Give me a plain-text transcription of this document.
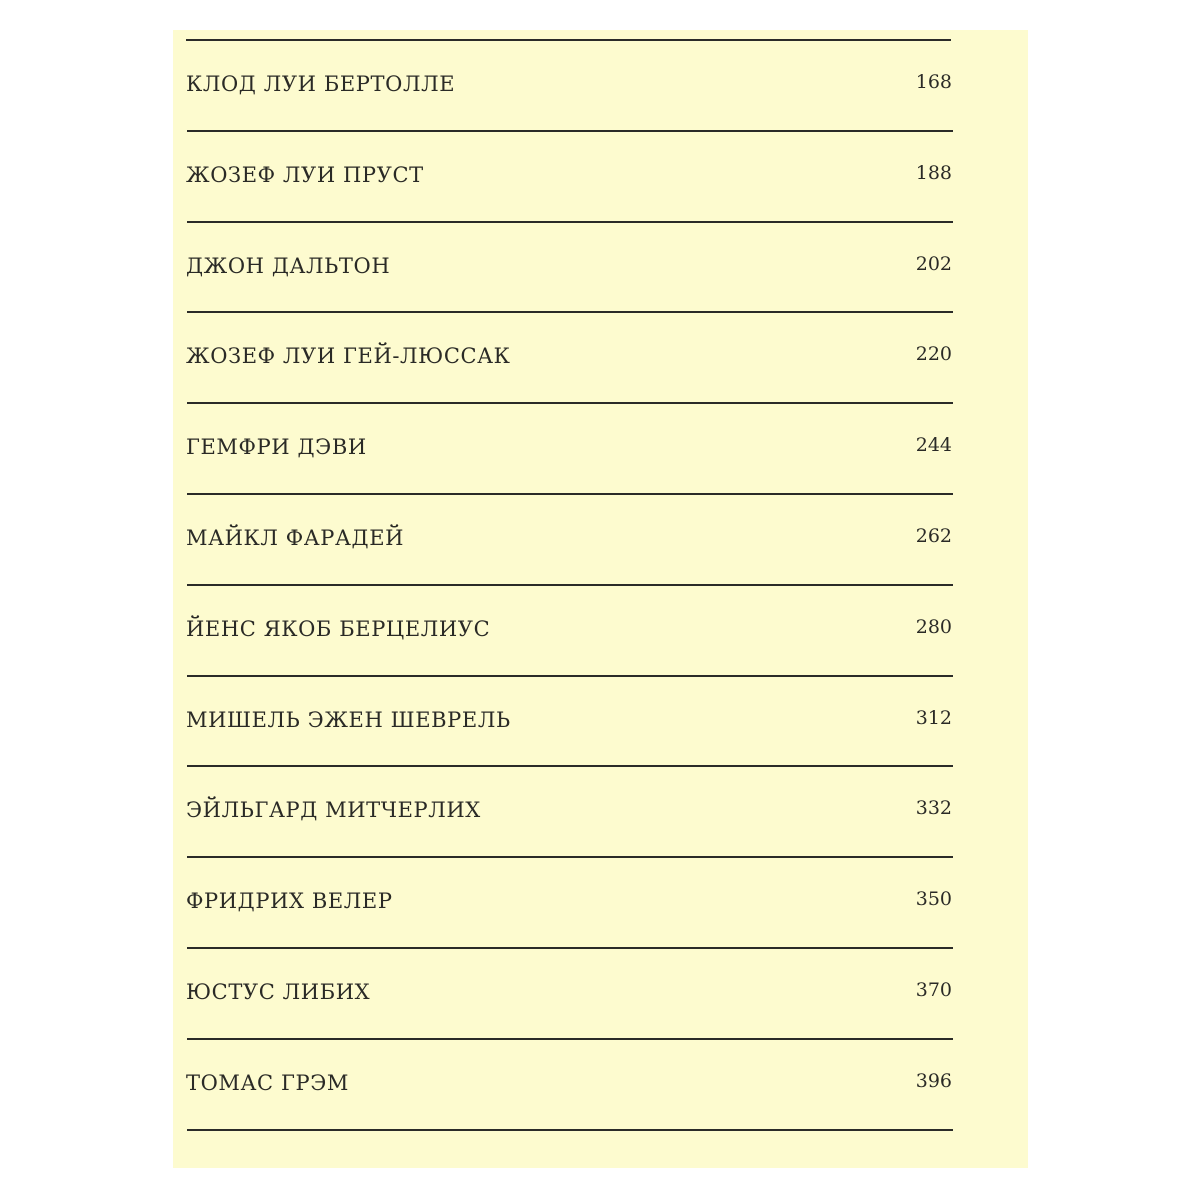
КЛОД ЛУИ БЕРТОЛЛЕ	168
ЖОЗЕФ ЛУИ ПРУСТ	188
ДЖОН ДАЛЬТОН	202
ЖОЗЕФ ЛУИ ГЕЙ-ЛЮССАК	220
ГЕМФРИ ДЭВИ	244
МАЙКЛ ФАРАДЕЙ	262
ЙЕНС ЯКОБ БЕРЦЕЛИУС	280
МИШЕЛЬ ЭЖЕН ШЕВРЕЛЬ	312
ЭЙЛЬГАРД МИТЧЕРЛИХ	332
ФРИДРИХ ВЕЛЕР	350
ЮСТУС ЛИБИХ	370
ТОМАС ГРЭМ	396
